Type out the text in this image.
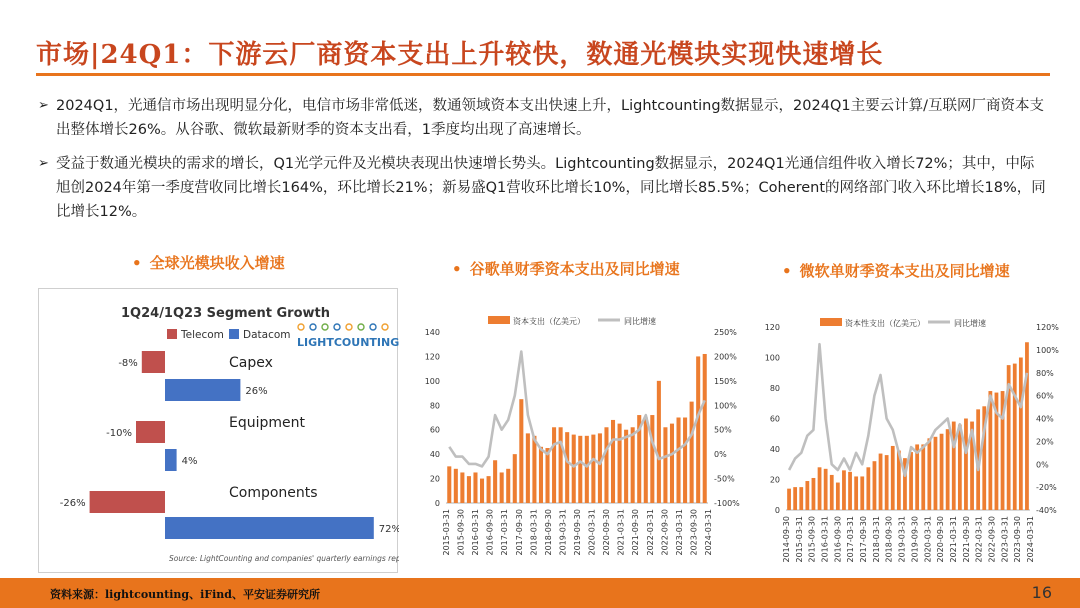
市场|24Q1：下游云厂商资本支出上升较快，数通光模块实现快速增长
➢ 2024Q1，光通信市场出现明显分化，电信市场非常低迷，数通领域资本支出快速上升，Lightcounting数据显示，2024Q1主要云计算/互联网厂商资本支出整体增长26%。从谷歌、微软最新财季的资本支出看，1季度均出现了高速增长。
➢ 受益于数通光模块的需求的增长，Q1光学元件及光模块表现出快速增长势头。Lightcounting数据显示，2024Q1光通信组件收入增长72%；其中，中际旭创2024年第一季度营收同比增长164%，环比增长21%；新易盛Q1营收环比增长10%，同比增长85.5%；Coherent的网络部门收入环比增长18%，同比增长12%。
• 全球光模块收入增速	• 谷歌单财季资本支出及同比增速	• 微软单财季资本支出及同比增速
1Q24/1Q23 Segment Growth
Telecom Datacom
LIGHTCOUNTING
Capex
-8%
26%
Equipment
-10%
4%
Components
-26%
72%
Source: LightCounting and companies' quarterly earnings reports
资本支出（亿美元）	同比增速
0
20
40
60
80
100
120
140
-100%
-50%
0%
50%
100%
150%
200%
250%
2015-03-31 2015-09-30 2016-03-31 2016-09-30 2017-03-31 2017-09-30 2018-03-31 2018-09-30 2019-03-31 2019-09-30 2020-03-31 2020-09-30 2021-03-31 2021-09-30 2022-03-31 2022-09-30 2023-03-31 2023-09-30 2024-03-31
资本性支出（亿美元）	同比增速
0
20
40
60
80
100
120
-40%
-20%
0%
20%
40%
60%
80%
100%
120%
2014-09-30 2015-03-31 2015-09-30 2016-03-31 2016-09-30 2017-03-31 2017-09-30 2018-03-31 2018-09-30 2019-03-31 2019-09-30 2020-03-31 2020-09-30 2021-03-31 2021-09-30 2022-03-31 2022-09-30 2023-03-31 2023-09-30 2024-03-31
资料来源：lightcounting、iFind、平安证券研究所	16
